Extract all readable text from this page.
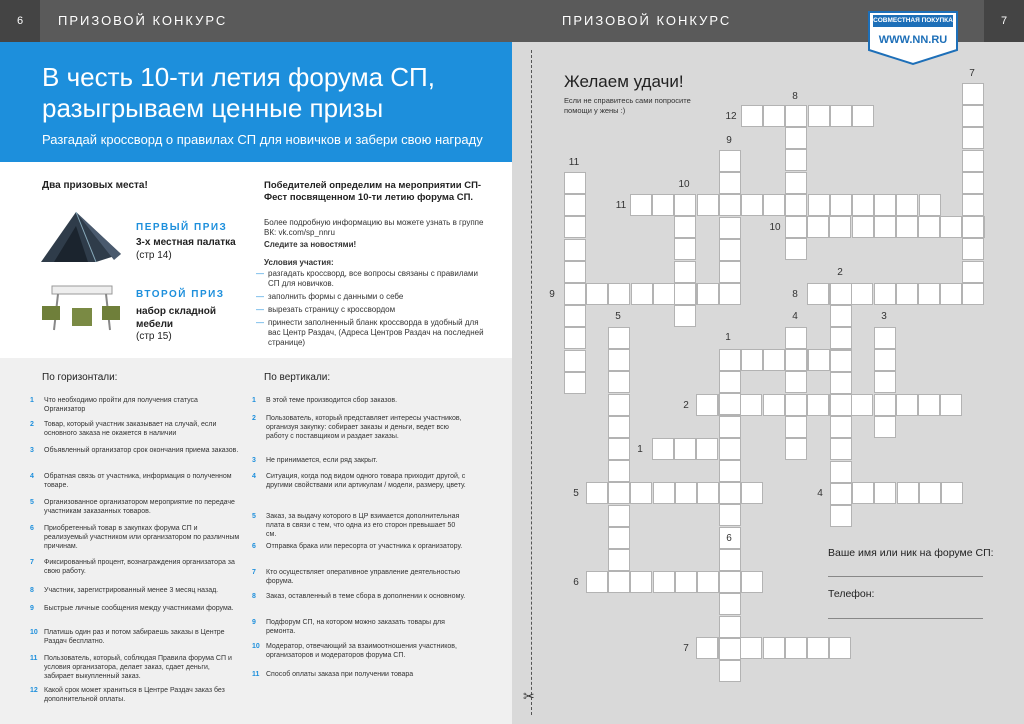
6	ПРИЗОВОЙ КОНКУРС
В честь 10-ти летия форума СП, разыгрываем ценные призы

Разгадай кроссворд о правилах СП для новичков и забери свою награду

Два призовых места!
ПЕРВЫЙ ПРИЗ
3-х местная палатка
(стр 14)
ВТОРОЙ ПРИЗ
набор складной мебели
(стр 15)
Победителей определим на мероприятии СП-Фест посвященном 10-ти летию форума СП.
Более подробную информацию вы можете узнать в группе ВК: vk.com/sp_nnru
Следите за новостями!
Условия участия:
— разгадать кроссворд, все вопросы связаны с правилами СП для новичков.
— заполнить формы с данными о себе
— вырезать страницу с кроссвордом
— принести заполненный бланк кроссворда в удобный для вас Центр Раздач, (Адреса Центров Раздач на последней странице)
По горизонтали:	По вертикали:
1	Что необходимо пройти для получения статуса Организатор
2	Товар, который участник заказывает на случай, если основного заказа не окажется в наличии
3	Объявленный организатор срок окончания приема заказов.
4	Обратная связь от участника, информация о полученном товаре.
5	Организованное организатором мероприятие по передаче участникам заказанных товаров.
6	Приобретенный товар в закупках форума СП и реализуемый участником или организатором по различным причинам.
7	Фиксированный процент, вознаграждения организатора за свою работу.
8	Участник, зарегистрированный менее 3 месяц назад.
9	Быстрые личные сообщения между участниками форума.
10 Платишь один раз и потом забираешь заказы в Центре Раздач бесплатно.
11 Пользователь, который, соблюдая Правила форума СП и условия организатора, делает заказ, сдает деньги, забирает выкупленный заказ.
12 Какой срок может храниться в Центре Раздач заказ без дополнительной оплаты.
1	В этой теме производится сбор заказов.
2	Пользователь, который представляет интересы участников, организуя закупку: собирает заказы и деньги, ведет всю работу с поставщиком и раздает заказы.
3	Не принимается, если ряд закрыт.
4	Ситуация, когда под видом одного товара приходит другой, с другими свойствами или артикулам / модели, размеру, цвету.
5	Заказ, за выдачу которого в ЦР взимается дополнительная плата в связи с тем, что одна из его сторон превышает 50 см.
6	Отправка брака или пересорта от участника к организатору.
7	Кто осуществляет оперативное управление деятельностью форума.
8	Заказ, оставленный в теме сбора в дополнении к основному.
9	Подфорум СП, на котором можно заказать товары для ремонта.
10 Модератор, отвечающий за взаимоотношения участников, организаторов и модераторов форума СП.
11 Способ оплаты заказа при получении товара
ПРИЗОВОЙ КОНКУРС	7
СОВМЕСТНАЯ ПОКУПКА
WWW.NN.RU
Желаем удачи!
Если не справитесь сами попросите помощи у жены :)
12
11
10
9	8
1
2
1
5	4
6
7
7
8
9
11
10
2
5	4	3
6
Ваше имя или ник на форуме СП:
Телефон:
✂
